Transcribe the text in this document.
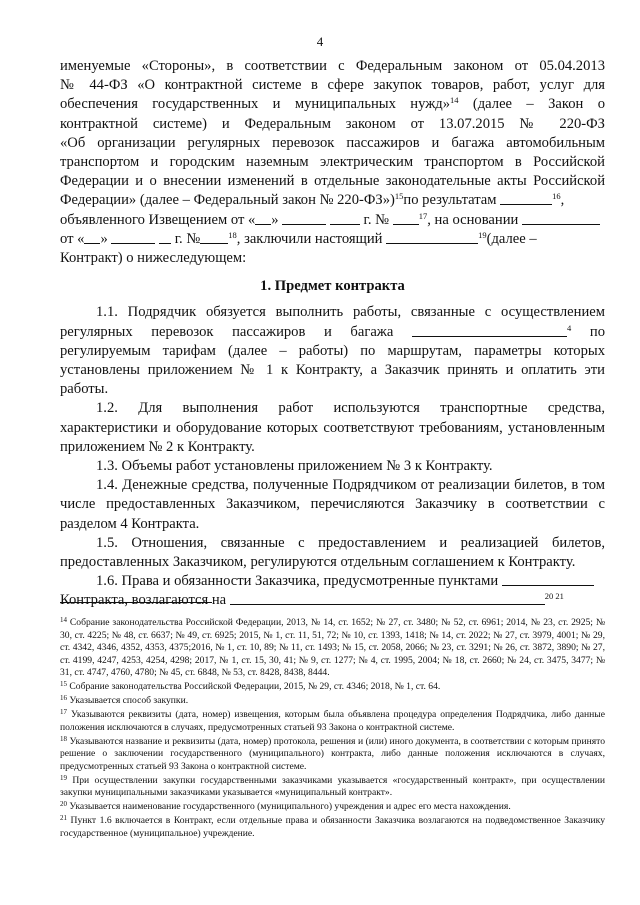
4

именуемые «Стороны», в соответствии с Федеральным законом от 05.04.2013

№ 44-ФЗ «О контрактной системе в сфере закупок товаров, работ, услуг для

обеспечения государственных и муниципальных нужд»$^{14}$ (далее – Закон о

контрактной системе) и Федеральным законом от 13.07.2015 № 220-ФЗ

«Об организации регулярных перевозок пассажиров и багажа автомобильным

транспортом и городским наземным электрическим транспортом в Российской

Федерации и о внесении изменений в отдельные законодательные акты Российской

Федерации» (далее – Федеральный закон № 220-ФЗ»)$^{15}$по результатам	$^{16}$,

объявленного Извещением от « »	г. №	$^{17}$, на основании

от « »	г. №	$^{18}$, заключили настоящий	$^{19}$(далее –

Контракт) о нижеследующем:

1. Предмет контракта

1.1. Подрядчик обязуется выполнить работы, связанные с осуществлением

регулярных перевозок пассажиров и багажа	$^4$ по

регулируемым тарифам (далее – работы) по маршрутам, параметры которых установлены приложением № 1 к Контракту, а Заказчик принять и оплатить эти работы.

1.2. Для выполнения работ используются транспортные средства, характеристики и оборудование которых соответствуют требованиям, установленным приложением № 2 к Контракту.

1.3. Объемы работ установлены приложением № 3 к Контракту.

1.4. Денежные средства, полученные Подрядчиком от реализации билетов, в том числе предоставленных Заказчиком, перечисляются Заказчику в соответствии с разделом 4 Контракта.

1.5. Отношения, связанные с предоставлением и реализацией билетов, предоставленных Заказчиком, регулируются отдельным соглашением к Контракту.

1.6. Права и обязанности Заказчика, предусмотренные пунктами

Контракта, возлагаются на	$^{20 21}$

$^{14}$ Собрание законодательства Российской Федерации, 2013, № 14, ст. 1652; № 27, ст. 3480; № 52, ст. 6961; 2014, № 23, ст. 2925; № 30, ст. 4225; № 48, ст. 6637; № 49, ст. 6925; 2015, № 1, ст. 11, 51, 72; № 10, ст. 1393, 1418; № 14, ст. 2022; № 27, ст. 3979, 4001; № 29, ст. 4342, 4346, 4352, 4353, 4375;2016, № 1, ст. 10, 89; № 11, ст. 1493; № 15, ст. 2058, 2066; № 23, ст. 3291; № 26, ст. 3872, 3890; № 27, ст. 4199, 4247, 4253, 4254, 4298; 2017, № 1, ст. 15, 30, 41; № 9, ст. 1277; № 4, ст. 1995, 2004; № 18, ст. 2660; № 24, ст. 3475, 3477; № 31, ст. 4747, 4760, 4780; № 45, ст. 6848, № 53, ст. 8428, 8438, 8444.

$^{15}$ Собрание законодательства Российской Федерации, 2015, № 29, ст. 4346; 2018, № 1, ст. 64.

$^{16}$ Указывается способ закупки.

$^{17}$ Указываются реквизиты (дата, номер) извещения, которым была объявлена процедура определения Подрядчика, либо данные положения исключаются в случаях, предусмотренных статьей 93 Закона о контрактной системе.

$^{18}$ Указываются название и реквизиты (дата, номер) протокола, решения и (или) иного документа, в соответствии с которым принято решение о заключении государственного (муниципального) контракта, либо данные положения исключаются в случаях, предусмотренных статьей 93 Закона о контрактной системе.

$^{19}$ При осуществлении закупки государственными заказчиками указывается «государственный контракт», при осуществлении закупки муниципальными заказчиками указывается «муниципальный контракт».

$^{20}$ Указывается наименование государственного (муниципального) учреждения и адрес его места нахождения.

$^{21}$ Пункт 1.6 включается в Контракт, если отдельные права и обязанности Заказчика возлагаются на подведомственное Заказчику государственное (муниципальное) учреждение.
